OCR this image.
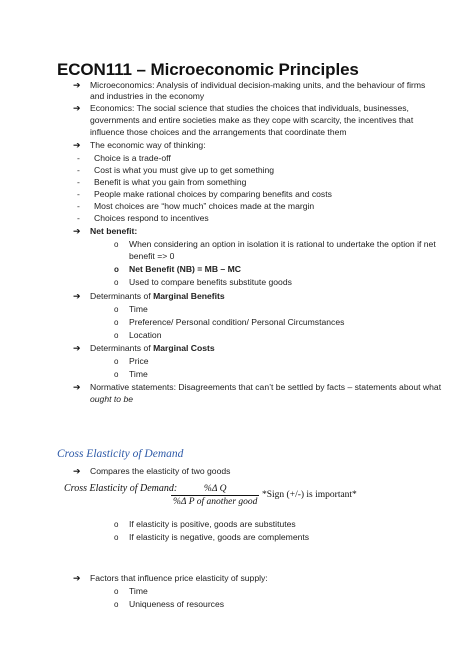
ECON111 – Microeconomic Principles
➔ Microeconomics: Analysis of individual decision-making units, and the behaviour of firms
and industries in the economy
➔ Economics: The social science that studies the choices that individuals, businesses,
governments and entire societies make as they cope with scarcity, the incentives that
influence those choices and the arrangements that coordinate them
➔ The economic way of thinking:
- Choice is a trade-off
- Cost is what you must give up to get something
- Benefit is what you gain from something
- People make rational choices by comparing benefits and costs
- Most choices are “how much” choices made at the margin
- Choices respond to incentives
➔ Net benefit:
o When considering an option in isolation it is rational to undertake the option if net
benefit => 0
o Net Benefit (NB) = MB – MC
o Used to compare benefits substitute goods
➔ Determinants of Marginal Benefits
o Time
o Preference/ Personal condition/ Personal Circumstances
o Location
➔ Determinants of Marginal Costs
o Price
o Time
➔ Normative statements: Disagreements that can’t be settled by facts – statements about what
ought to be
Cross Elasticity of Demand
➔ Compares the elasticity of two goods
Cross Elasticity of Demand:	%Δ Q
%Δ P of another good
*Sign (+/-) is important*
o If elasticity is positive, goods are substitutes
o If elasticity is negative, goods are complements
➔ Factors that influence price elasticity of supply:
o Time
o Uniqueness of resources
